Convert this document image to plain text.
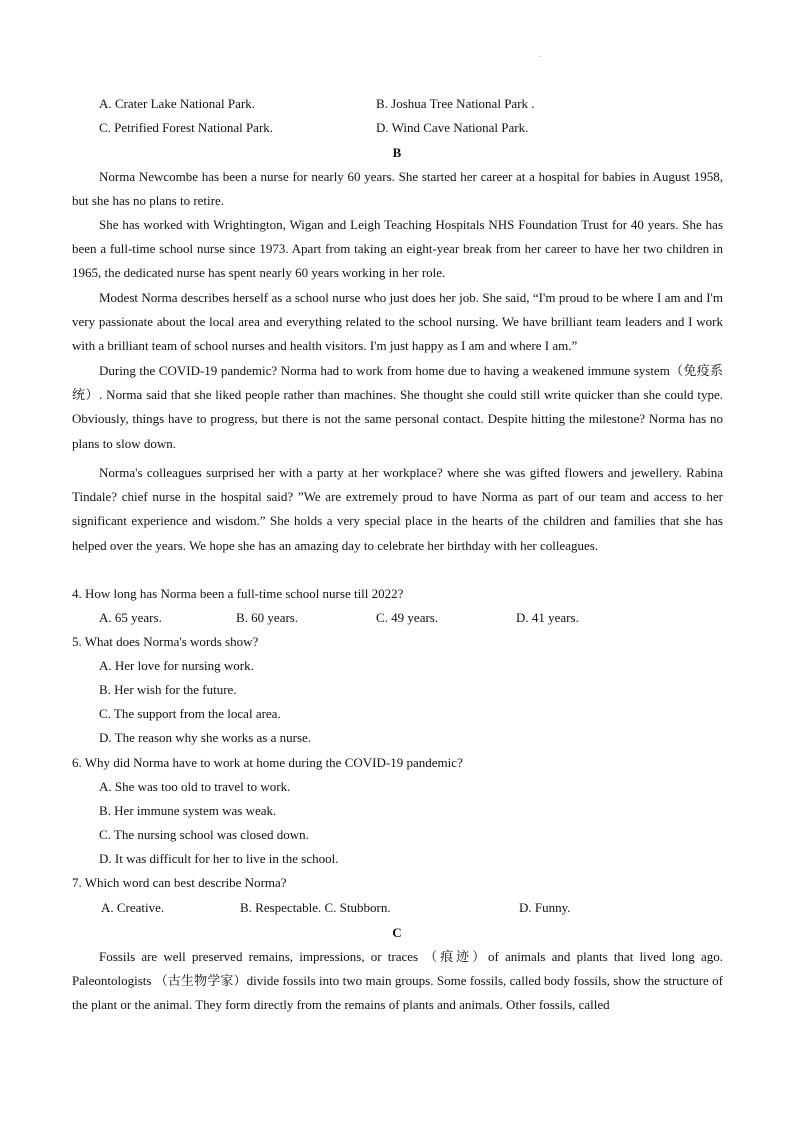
.
A. Crater Lake National Park.	B. Joshua Tree National Park .
C. Petrified Forest National Park.	D. Wind Cave National Park.
B

Norma Newcombe has been a nurse for nearly 60 years. She started her career at a hospital for babies in August 1958, but she has no plans to retire.

She has worked with Wrightington, Wigan and Leigh Teaching Hospitals NHS Foundation Trust for 40 years. She has been a full-time school nurse since 1973. Apart from taking an eight-year break from her career to have her two children in 1965, the dedicated nurse has spent nearly 60 years working in her role.

Modest Norma describes herself as a school nurse who just does her job. She said, “I'm proud to be where I am and I'm very passionate about the local area and everything related to the school nursing. We have brilliant team leaders and I work with a brilliant team of school nurses and health visitors. I'm just happy as I am and where I am.”

During the COVID-19 pandemic? Norma had to work from home due to having a weakened immune system（免疫系统）. Norma said that she liked people rather than machines. She thought she could still write quicker than she could type. Obviously, things have to progress, but there is not the same personal contact. Despite hitting the milestone? Norma has no plans to slow down.

Norma's colleagues surprised her with a party at her workplace? where she was gifted flowers and jewellery. Rabina Tindale? chief nurse in the hospital said? ”We are extremely proud to have Norma as part of our team and access to her significant experience and wisdom.” She holds a very special place in the hearts of the children and families that she has helped over the years. We hope she has an amazing day to celebrate her birthday with her colleagues.

4. How long has Norma been a full-time school nurse till 2022?
A. 65 years.	B. 60 years.	C. 49 years.	D. 41 years.
5. What does Norma's words show?
A. Her love for nursing work.
B. Her wish for the future.
C. The support from the local area.
D. The reason why she works as a nurse.
6. Why did Norma have to work at home during the COVID-19 pandemic?
A. She was too old to travel to work.
B. Her immune system was weak.
C. The nursing school was closed down.
D. It was difficult for her to live in the school.
7. Which word can best describe Norma?
A. Creative.	B. Respectable. C. Stubborn.	D. Funny.
C

Fossils are well preserved remains, impressions, or traces （痕迹）of animals and plants that lived long ago. Paleontologists （古生物学家）divide fossils into two main groups. Some fossils, called body fossils, show the structure of the plant or the animal. They form directly from the remains of plants and animals. Other fossils, called
